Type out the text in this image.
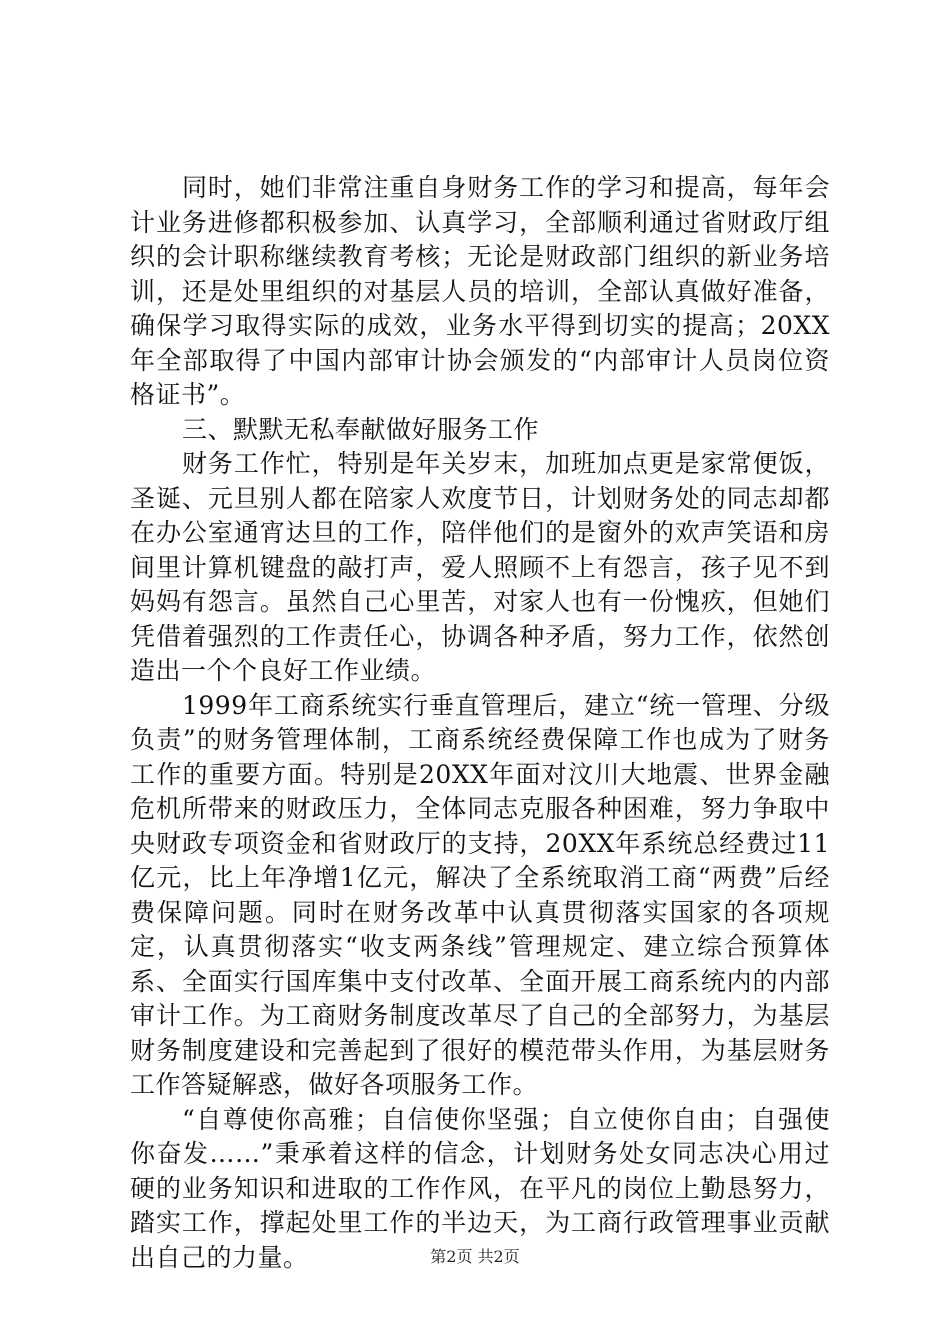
同时，她们非常注重自身财务工作的学习和提高，每年会计业务进修都积极参加、认真学习，全部顺利通过省财政厅组织的会计职称继续教育考核；无论是财政部门组织的新业务培训，还是处里组织的对基层人员的培训，全部认真做好准备，确保学习取得实际的成效，业务水平得到切实的提高；20XX年全部取得了中国内部审计协会颁发的“内部审计人员岗位资格证书”。

三、默默无私奉献做好服务工作

财务工作忙，特别是年关岁末，加班加点更是家常便饭，圣诞、元旦别人都在陪家人欢度节日，计划财务处的同志却都在办公室通宵达旦的工作，陪伴他们的是窗外的欢声笑语和房间里计算机键盘的敲打声，爱人照顾不上有怨言，孩子见不到妈妈有怨言。虽然自己心里苦，对家人也有一份愧疚，但她们凭借着强烈的工作责任心，协调各种矛盾，努力工作，依然创造出一个个良好工作业绩。

1999年工商系统实行垂直管理后，建立“统一管理、分级负责”的财务管理体制，工商系统经费保障工作也成为了财务工作的重要方面。特别是20XX年面对汶川大地震、世界金融危机所带来的财政压力，全体同志克服各种困难，努力争取中央财政专项资金和省财政厅的支持，20XX年系统总经费过11亿元，比上年净增1亿元，解决了全系统取消工商“两费”后经费保障问题。同时在财务改革中认真贯彻落实国家的各项规定，认真贯彻落实“收支两条线”管理规定、建立综合预算体系、全面实行国库集中支付改革、全面开展工商系统内的内部审计工作。为工商财务制度改革尽了自己的全部努力，为基层财务制度建设和完善起到了很好的模范带头作用，为基层财务工作答疑解惑，做好各项服务工作。

“自尊使你高雅；自信使你坚强；自立使你自由；自强使你奋发……”秉承着这样的信念，计划财务处女同志决心用过硬的业务知识和进取的工作作风，在平凡的岗位上勤恳努力，踏实工作，撑起处里工作的半边天，为工商行政管理事业贡献出自己的力量。	第2页 共2页
